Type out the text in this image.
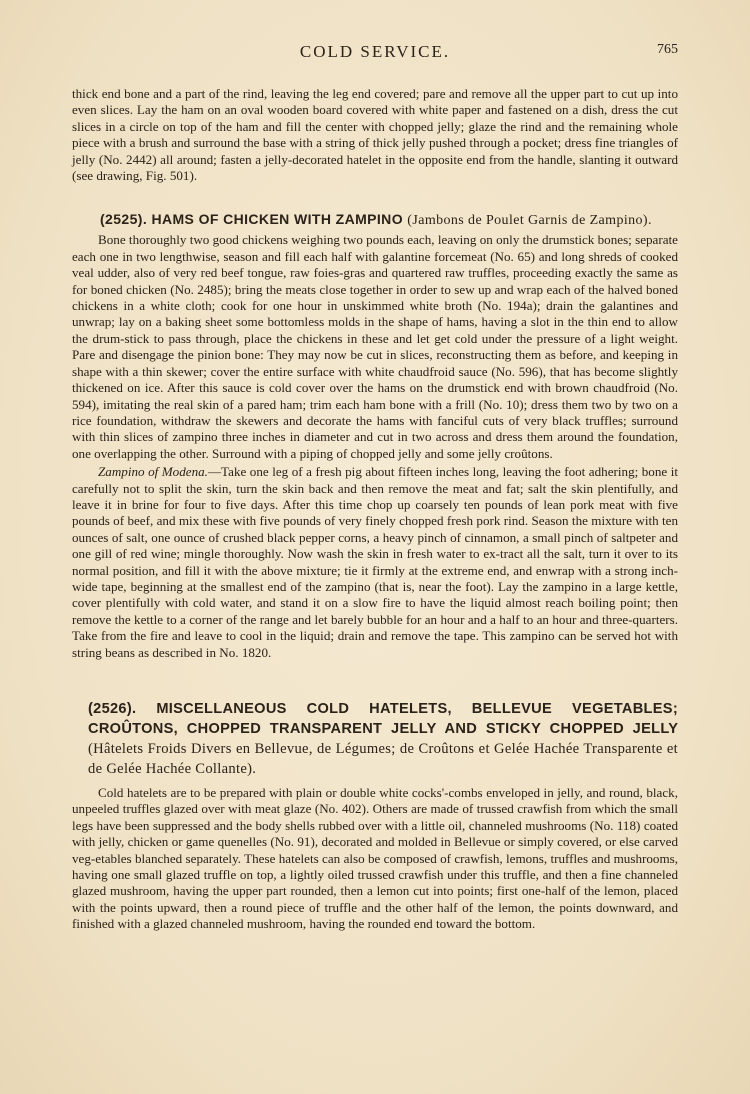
COLD SERVICE.	765

thick end bone and a part of the rind, leaving the leg end covered; pare and remove all the upper part to cut up into even slices. Lay the ham on an oval wooden board covered with white paper and fastened on a dish, dress the cut slices in a circle on top of the ham and fill the center with chopped jelly; glaze the rind and the remaining whole piece with a brush and surround the base with a string of thick jelly pushed through a pocket; dress fine triangles of jelly (No. 2442) all around; fasten a jelly-decorated hatelet in the opposite end from the handle, slanting it outward (see drawing, Fig. 501).

(2525). HAMS OF CHICKEN WITH ZAMPINO (Jambons de Poulet Garnis de Zampino).

Bone thoroughly two good chickens weighing two pounds each, leaving on only the drumstick bones; separate each one in two lengthwise, season and fill each half with galantine forcemeat (No. 65) and long shreds of cooked veal udder, also of very red beef tongue, raw foies-gras and quartered raw truffles, proceeding exactly the same as for boned chicken (No. 2485); bring the meats close together in order to sew up and wrap each of the halved boned chickens in a white cloth; cook for one hour in unskimmed white broth (No. 194a); drain the galantines and unwrap; lay on a baking sheet some bottomless molds in the shape of hams, having a slot in the thin end to allow the drum-stick to pass through, place the chickens in these and let get cold under the pressure of a light weight. Pare and disengage the pinion bone: They may now be cut in slices, reconstructing them as before, and keeping in shape with a thin skewer; cover the entire surface with white chaudfroid sauce (No. 596), that has become slightly thickened on ice. After this sauce is cold cover over the hams on the drumstick end with brown chaudfroid (No. 594), imitating the real skin of a pared ham; trim each ham bone with a frill (No. 10); dress them two by two on a rice foundation, withdraw the skewers and decorate the hams with fanciful cuts of very black truffles; surround with thin slices of zampino three inches in diameter and cut in two across and dress them around the foundation, one overlapping the other. Surround with a piping of chopped jelly and some jelly croûtons.

Zampino of Modena.—Take one leg of a fresh pig about fifteen inches long, leaving the foot adhering; bone it carefully not to split the skin, turn the skin back and then remove the meat and fat; salt the skin plentifully, and leave it in brine for four to five days. After this time chop up coarsely ten pounds of lean pork meat with five pounds of beef, and mix these with five pounds of very finely chopped fresh pork rind. Season the mixture with ten ounces of salt, one ounce of crushed black pepper corns, a heavy pinch of cinnamon, a small pinch of saltpeter and one gill of red wine; mingle thoroughly. Now wash the skin in fresh water to ex-tract all the salt, turn it over to its normal position, and fill it with the above mixture; tie it firmly at the extreme end, and enwrap with a strong inch-wide tape, beginning at the smallest end of the zampino (that is, near the foot). Lay the zampino in a large kettle, cover plentifully with cold water, and stand it on a slow fire to have the liquid almost reach boiling point; then remove the kettle to a corner of the range and let barely bubble for an hour and a half to an hour and three-quarters. Take from the fire and leave to cool in the liquid; drain and remove the tape. This zampino can be served hot with string beans as described in No. 1820.

(2526). MISCELLANEOUS COLD HATELETS, BELLEVUE VEGETABLES; CROÛTONS, CHOPPED TRANSPARENT JELLY AND STICKY CHOPPED JELLY (Hâtelets Froids Divers en Bellevue, de Légumes; de Croûtons et Gelée Hachée Transparente et de Gelée Hachée Collante).

Cold hatelets are to be prepared with plain or double white cocks'-combs enveloped in jelly, and round, black, unpeeled truffles glazed over with meat glaze (No. 402). Others are made of trussed crawfish from which the small legs have been suppressed and the body shells rubbed over with a little oil, channeled mushrooms (No. 118) coated with jelly, chicken or game quenelles (No. 91), decorated and molded in Bellevue or simply covered, or else carved veg-etables blanched separately. These hatelets can also be composed of crawfish, lemons, truffles and mushrooms, having one small glazed truffle on top, a lightly oiled trussed crawfish under this truffle, and then a fine channeled glazed mushroom, having the upper part rounded, then a lemon cut into points; first one-half of the lemon, placed with the points upward, then a round piece of truffle and the other half of the lemon, the points downward, and finished with a glazed channeled mushroom, having the rounded end toward the bottom.
